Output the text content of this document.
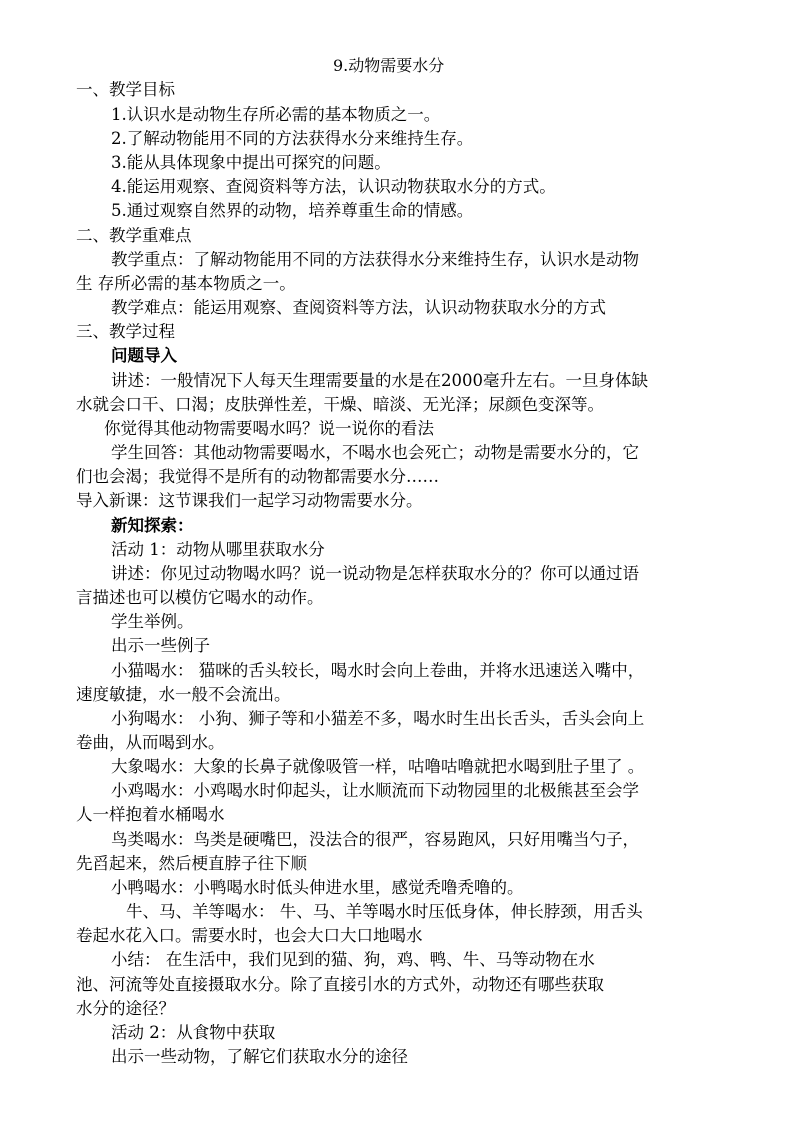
9.动物需要水分
一、教学目标
1.认识水是动物生存所必需的基本物质之一。
2.了解动物能用不同的方法获得水分来维持生存。
3.能从具体现象中提出可探究的问题。
4.能运用观察、查阅资料等方法，认识动物获取水分的方式。
5.通过观察自然界的动物，培养尊重生命的情感。
二、教学重难点
教学重点：了解动物能用不同的方法获得水分来维持生存，认识水是动物
生 存所必需的基本物质之一。
教学难点：能运用观察、查阅资料等方法，认识动物获取水分的方式
三、教学过程
问题导入
讲述：一般情况下人每天生理需要量的水是在2000毫升左右。一旦身体缺
水就会口干、口渴；皮肤弹性差，干燥、暗淡、无光泽；尿颜色变深等。
你觉得其他动物需要喝水吗？说一说你的看法
学生回答：其他动物需要喝水，不喝水也会死亡；动物是需要水分的，它
们也会渴；我觉得不是所有的动物都需要水分……
导入新课：这节课我们一起学习动物需要水分。
新知探索：
活动 1：动物从哪里获取水分
讲述：你见过动物喝水吗？说一说动物是怎样获取水分的？你可以通过语
言描述也可以模仿它喝水的动作。
学生举例。
出示一些例子
小猫喝水： 猫咪的舌头较长，喝水时会向上卷曲，并将水迅速送入嘴中，
速度敏捷，水一般不会流出。
小狗喝水： 小狗、狮子等和小猫差不多，喝水时生出长舌头，舌头会向上
卷曲，从而喝到水。
大象喝水：大象的长鼻子就像吸管一样，咕噜咕噜就把水喝到肚子里了 。
小鸡喝水：小鸡喝水时仰起头，让水顺流而下动物园里的北极熊甚至会学
人一样抱着水桶喝水
鸟类喝水：鸟类是硬嘴巴，没法合的很严，容易跑风，只好用嘴当勺子，
先舀起来，然后梗直脖子往下顺
小鸭喝水：小鸭喝水时低头伸进水里，感觉秃噜秃噜的。
牛、马、羊等喝水： 牛、马、羊等喝水时压低身体，伸长脖颈，用舌头
卷起水花入口。需要水时，也会大口大口地喝水
小结： 在生活中，我们见到的猫、狗，鸡、鸭、牛、马等动物在水
池、河流等处直接摄取水分。除了直接引水的方式外，动物还有哪些获取
水分的途径？
活动 2：从食物中获取
出示一些动物，了解它们获取水分的途径
